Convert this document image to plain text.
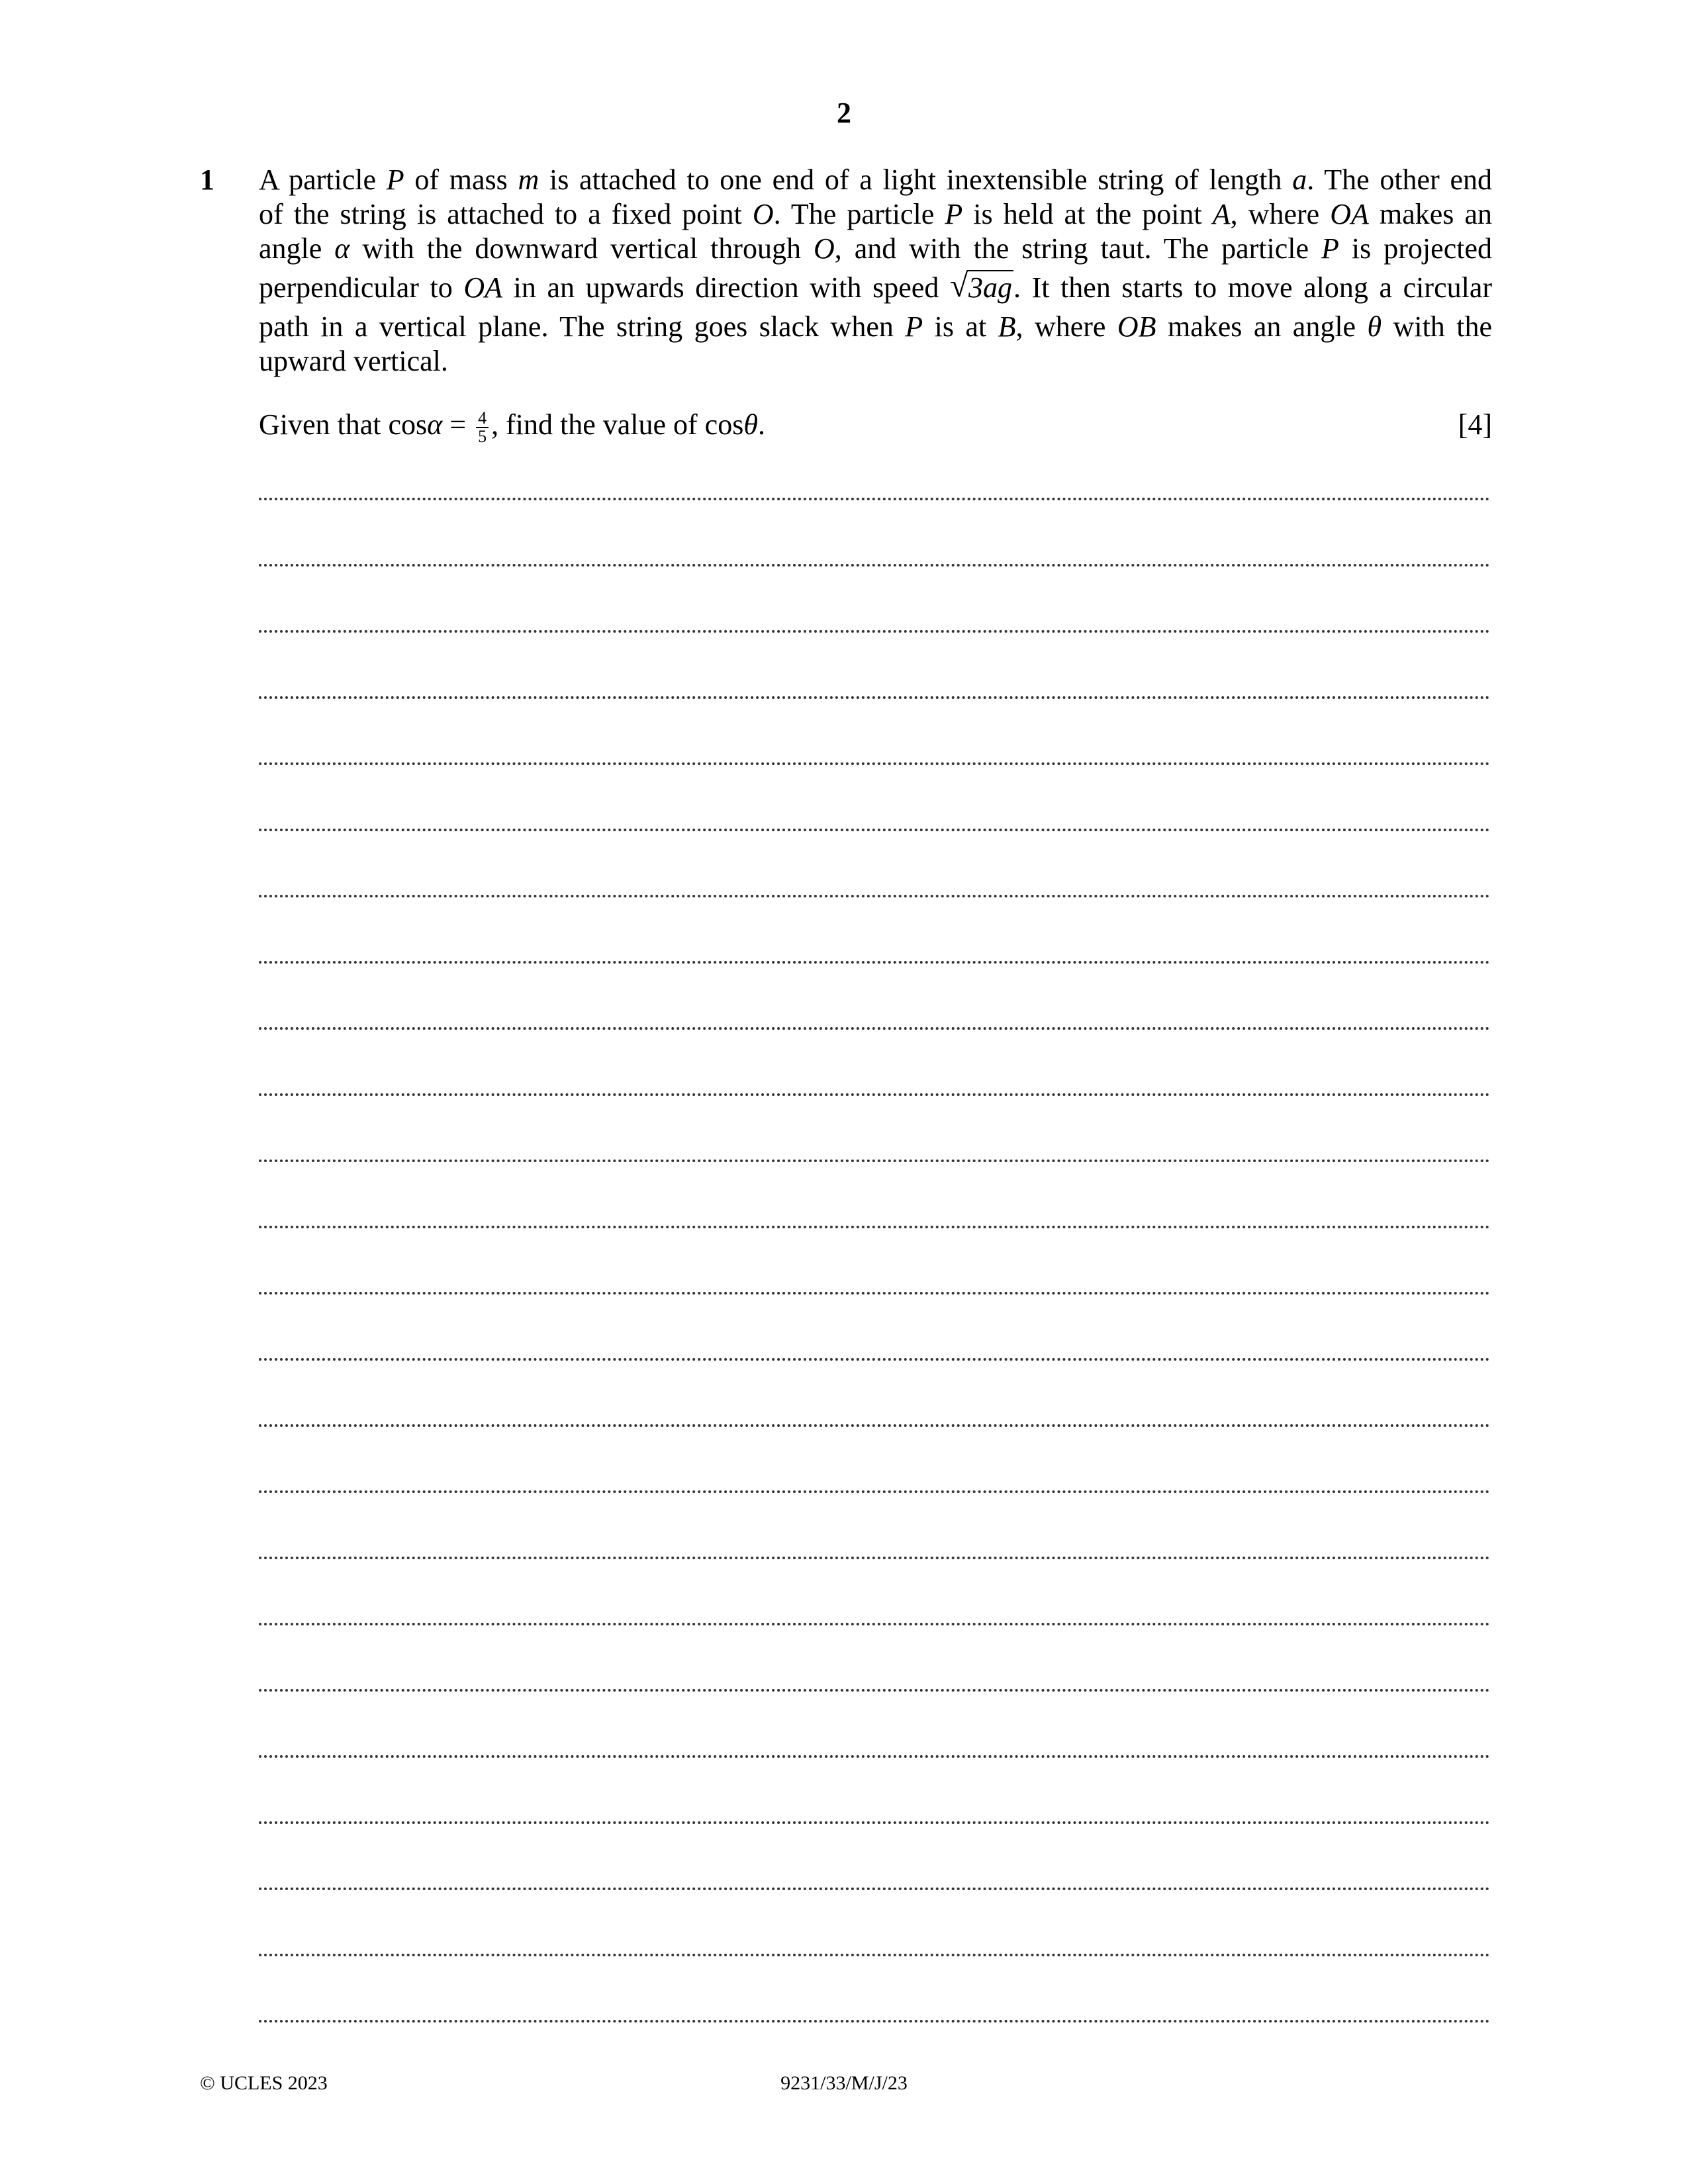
2
1 A particle P of mass m is attached to one end of a light inextensible string of length a. The other end
of the string is attached to a fixed point O. The particle P is held at the point A, where OA makes an
angle α with the downward vertical through O, and with the string taut. The particle P is projected
perpendicular to OA in an upwards direction with speed √ 3ag. It then starts to move along a circular
path in a vertical plane. The string goes slack when P is at B, where OB makes an angle θ with the
upward vertical.
Given that $\cos\alpha = \frac{4}{5}$ , find the value of cosθ.	[4]
© UCLES 2023	9231/33/M/J/23
